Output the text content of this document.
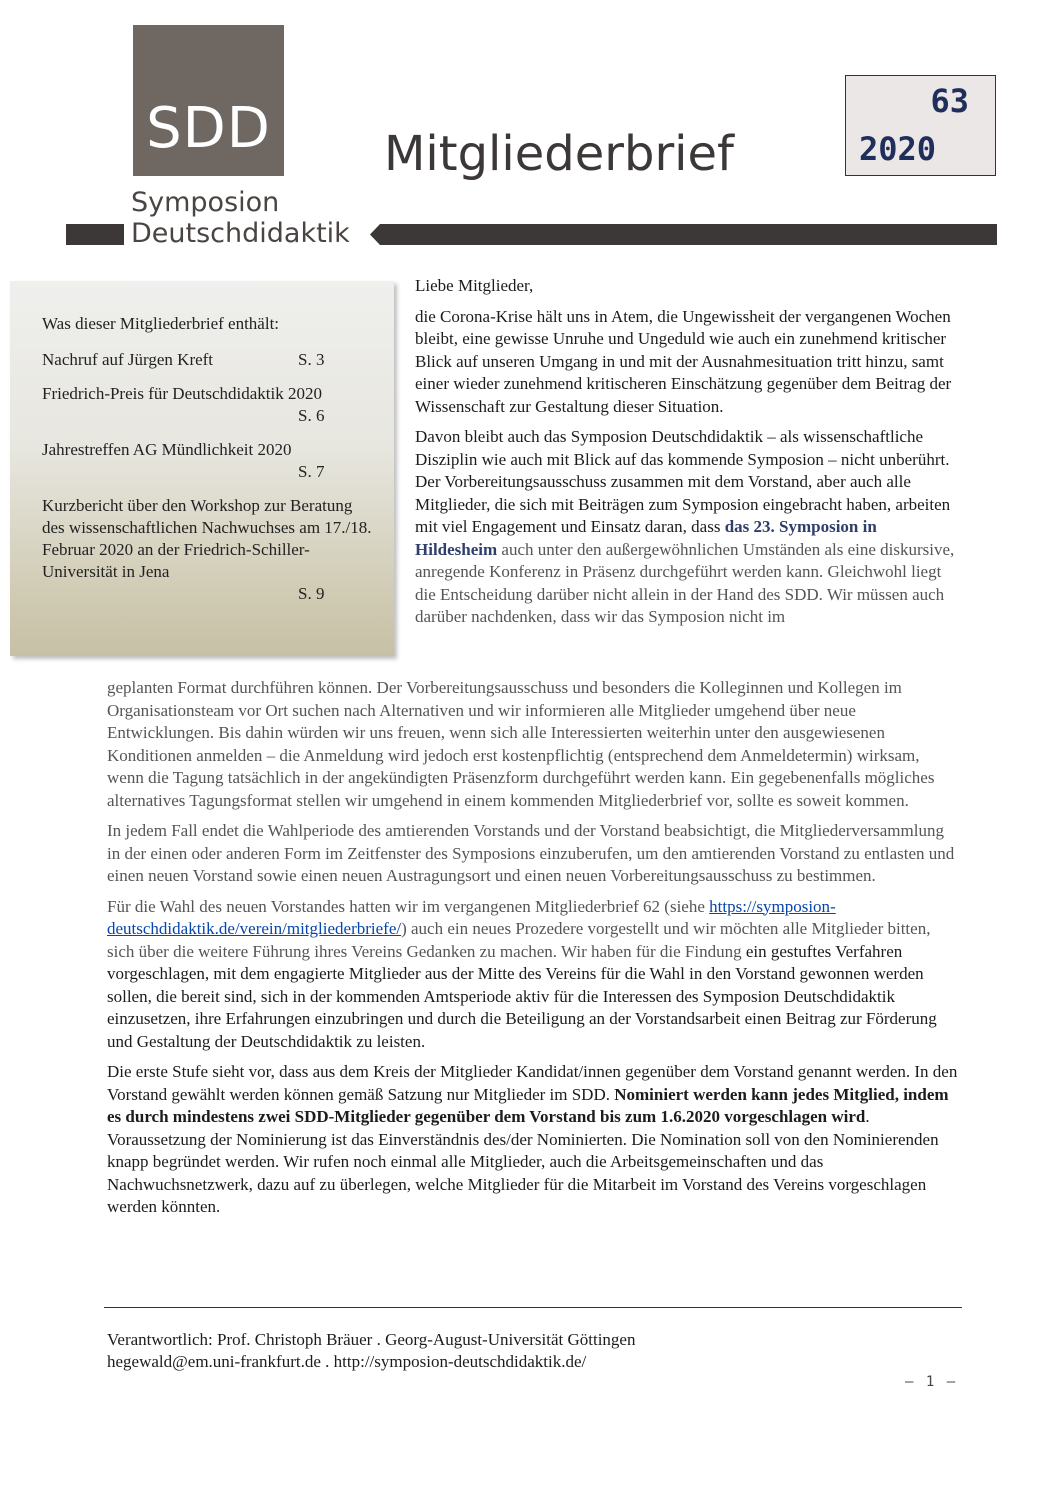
SDD
Symposion
Deutschdidaktik
Mitgliederbrief
63
2020
Was dieser Mitgliederbrief enthält:
Nachruf auf Jürgen Kreft	S. 3
Friedrich-Preis für Deutschdidaktik 2020
S. 6
Jahrestreffen AG Mündlichkeit 2020
S. 7
Kurzbericht über den Workshop zur Beratung des wissenschaftlichen Nachwuchses am 17./18. Februar 2020 an der Friedrich-Schiller-Universität in Jena
S. 9

Liebe Mitglieder,

die Corona-Krise hält uns in Atem, die Ungewissheit der vergangenen Wochen bleibt, eine gewisse Unruhe und Ungeduld wie auch ein zunehmend kritischer Blick auf unseren Umgang in und mit der Ausnahmesituation tritt hinzu, samt einer wieder zunehmend kritischeren Einschätzung gegenüber dem Beitrag der Wissenschaft zur Gestaltung dieser Situation.

Davon bleibt auch das Symposion Deutschdidaktik – als wissenschaftliche Disziplin wie auch mit Blick auf das kommende Symposion – nicht unberührt. Der Vorbereitungsausschuss zusammen mit dem Vorstand, aber auch alle Mitglieder, die sich mit Beiträgen zum Symposion eingebracht haben, arbeiten mit viel Engagement und Einsatz daran, dass das 23. Symposion in Hildesheim auch unter den außergewöhnlichen Umständen als eine diskursive, anregende Konferenz in Präsenz durchgeführt werden kann. Gleichwohl liegt die Entscheidung darüber nicht allein in der Hand des SDD. Wir müssen auch darüber nachdenken, dass wir das Symposion nicht im

geplanten Format durchführen können. Der Vorbereitungsausschuss und besonders die Kolleginnen und Kollegen im Organisationsteam vor Ort suchen nach Alternativen und wir informieren alle Mitglieder umgehend über neue Entwicklungen. Bis dahin würden wir uns freuen, wenn sich alle Interessierten weiterhin unter den ausgewiesenen Konditionen anmelden – die Anmeldung wird jedoch erst kostenpflichtig (entsprechend dem Anmeldetermin) wirksam, wenn die Tagung tatsächlich in der angekündigten Präsenzform durchgeführt werden kann. Ein gegebenenfalls mögliches alternatives Tagungsformat stellen wir umgehend in einem kommenden Mitgliederbrief vor, sollte es soweit kommen.

In jedem Fall endet die Wahlperiode des amtierenden Vorstands und der Vorstand beabsichtigt, die Mitgliederversammlung in der einen oder anderen Form im Zeitfenster des Symposions einzuberufen, um den amtierenden Vorstand zu entlasten und einen neuen Vorstand sowie einen neuen Austragungsort und einen neuen Vorbereitungsausschuss zu bestimmen.

Für die Wahl des neuen Vorstandes hatten wir im vergangenen Mitgliederbrief 62 (siehe https://symposion-deutschdidaktik.de/verein/mitgliederbriefe/) auch ein neues Prozedere vorgestellt und wir möchten alle Mitglieder bitten, sich über die weitere Führung ihres Vereins Gedanken zu machen. Wir haben für die Findung ein gestuftes Verfahren vorgeschlagen, mit dem engagierte Mitglieder aus der Mitte des Vereins für die Wahl in den Vorstand gewonnen werden sollen, die bereit sind, sich in der kommenden Amtsperiode aktiv für die Interessen des Symposion Deutschdidaktik einzusetzen, ihre Erfahrungen einzubringen und durch die Beteiligung an der Vorstandsarbeit einen Beitrag zur Förderung und Gestaltung der Deutschdidaktik zu leisten.

Die erste Stufe sieht vor, dass aus dem Kreis der Mitglieder Kandidat/innen gegenüber dem Vorstand genannt werden. In den Vorstand gewählt werden können gemäß Satzung nur Mitglieder im SDD. Nominiert werden kann jedes Mitglied, indem es durch mindestens zwei SDD-Mitglieder gegenüber dem Vorstand bis zum 1.6.2020 vorgeschlagen wird. Voraussetzung der Nominierung ist das Einverständnis des/der Nominierten. Die Nomination soll von den Nominierenden knapp begründet werden. Wir rufen noch einmal alle Mitglieder, auch die Arbeitsgemeinschaften und das Nachwuchsnetzwerk, dazu auf zu überlegen, welche Mitglieder für die Mitarbeit im Vorstand des Vereins vorgeschlagen werden könnten.

Verantwortlich: Prof. Christoph Bräuer . Georg-August-Universität Göttingen
hegewald@em.uni-frankfurt.de . http://symposion-deutschdidaktik.de/
– 1 –
